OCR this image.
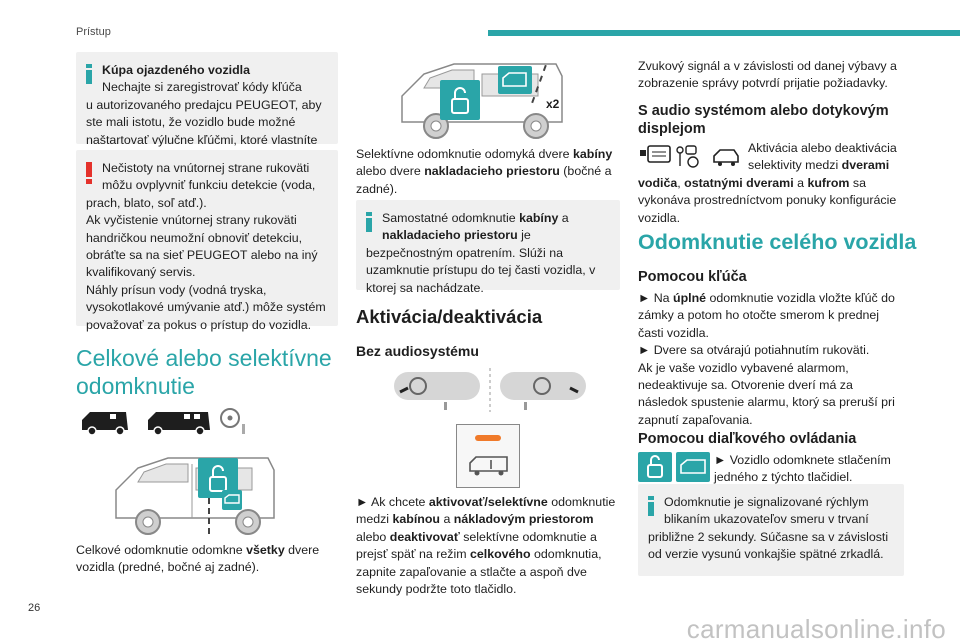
Prístup
26
carmanualsonline.info
Kúpa ojazdeného vozidla
Nechajte si zaregistrovať kódy kľúča
u autorizovaného predajcu PEUGEOT, aby ste mali istotu, že vozidlo bude možné naštartovať výlučne kľúčmi, ktoré vlastníte
Nečistoty na vnútornej strane rukoväti
môžu ovplyvniť funkciu detekcie (voda,
prach, blato, soľ atď.).
Ak vyčistenie vnútornej strany rukoväti handričkou neumožní obnoviť detekciu, obráťte sa na sieť PEUGEOT alebo na iný kvalifikovaný servis.
Náhly prísun vody (vodná tryska, vysokotlakové umývanie atď.) môže systém považovať za pokus o prístup do vozidla.
Celkové alebo selektívne odomknutie
Celkové odomknutie odomkne všetky dvere vozidla (predné, bočné aj zadné).
x2
Selektívne odomknutie odomyká dvere kabíny alebo dvere nakladacieho priestoru (bočné a zadné).
Samostatné odomknutie kabíny a
nakladacieho priestoru je
bezpečnostným opatrením. Slúži na uzamknutie prístupu do tej časti vozidla, v ktorej sa nachádzate.
Aktivácia/deaktivácia
Bez audiosystému
► Ak chcete aktivovať/selektívne odomknutie medzi kabínou a nákladovým priestorom alebo deaktivovať selektívne odomknutie a prejsť späť na režim celkového odomknutia, zapnite zapaľovanie a stlačte a aspoň dve sekundy podržte toto tlačidlo.
Zvukový signál a v závislosti od danej výbavy a zobrazenie správy potvrdí prijatie požiadavky.
S audio systémom alebo dotykovým displejom
Aktivácia alebo deaktivácia
selektivity medzi dverami
vodiča, ostatnými dverami a kufrom sa vykonáva prostredníctvom ponuky konfigurácie vozidla.
Odomknutie celého vozidla
Pomocou kľúča
► Na úplné odomknutie vozidla vložte kľúč do zámky a potom ho otočte smerom k prednej časti vozidla.
► Dvere sa otvárajú potiahnutím rukoväti.
Ak je vaše vozidlo vybavené alarmom, nedeaktivuje sa. Otvorenie dverí má za následok spustenie alarmu, ktorý sa preruší pri zapnutí zapaľovania.
Pomocou diaľkového ovládania
► Vozidlo odomknete stlačením
jedného z týchto tlačidiel.
Odomknutie je signalizované rýchlym
blikaním ukazovateľov smeru v trvaní
približne 2 sekundy. Súčasne sa v závislosti od verzie vysunú vonkajšie spätné zrkadlá.
